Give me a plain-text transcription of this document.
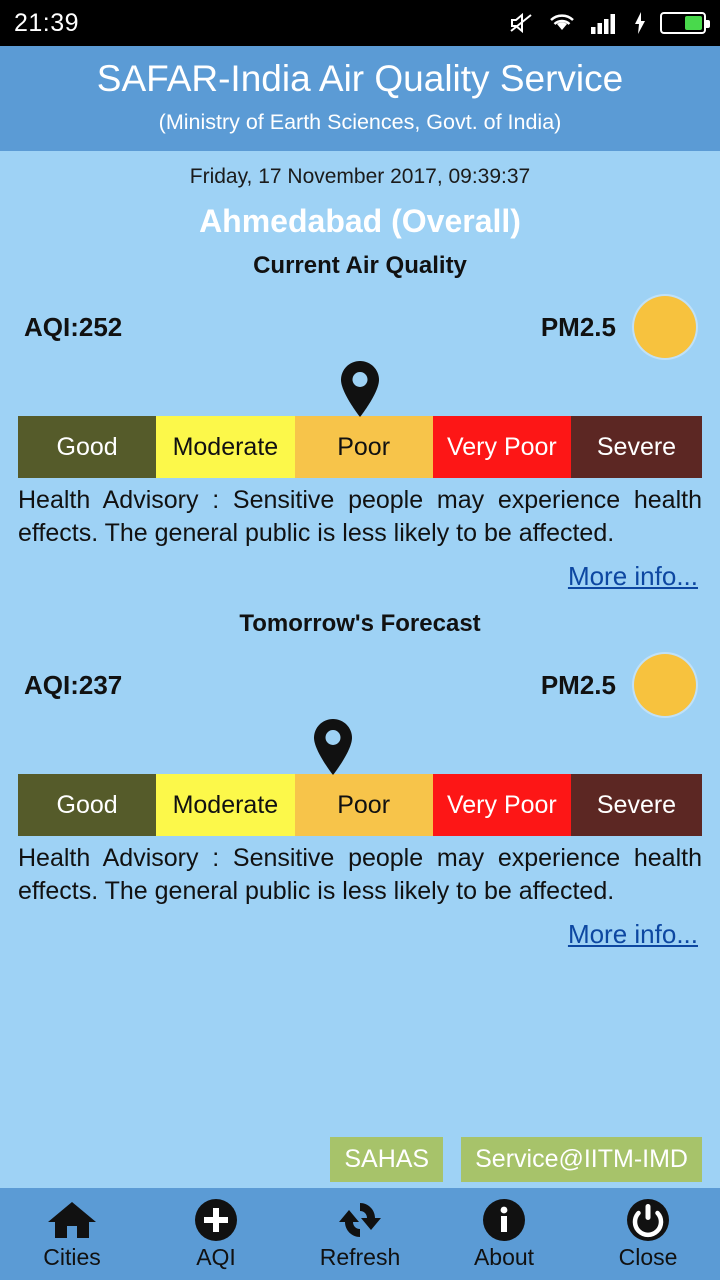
21:39
SAFAR-India Air Quality Service
(Ministry of Earth Sciences, Govt. of India)
Friday, 17 November 2017, 09:39:37
Ahmedabad (Overall)
Current Air Quality
AQI:252	PM2.5
Good	Moderate	Poor	Very Poor	Severe
Health Advisory : Sensitive people may experience health effects. The general public is less likely to be affected.
More info...
Tomorrow's Forecast
AQI:237	PM2.5
Good	Moderate	Poor	Very Poor	Severe
Health Advisory : Sensitive people may experience health effects. The general public is less likely to be affected.
More info...
SAHAS	Service@IITM-IMD
Cities	AQI	Refresh	About	Close
